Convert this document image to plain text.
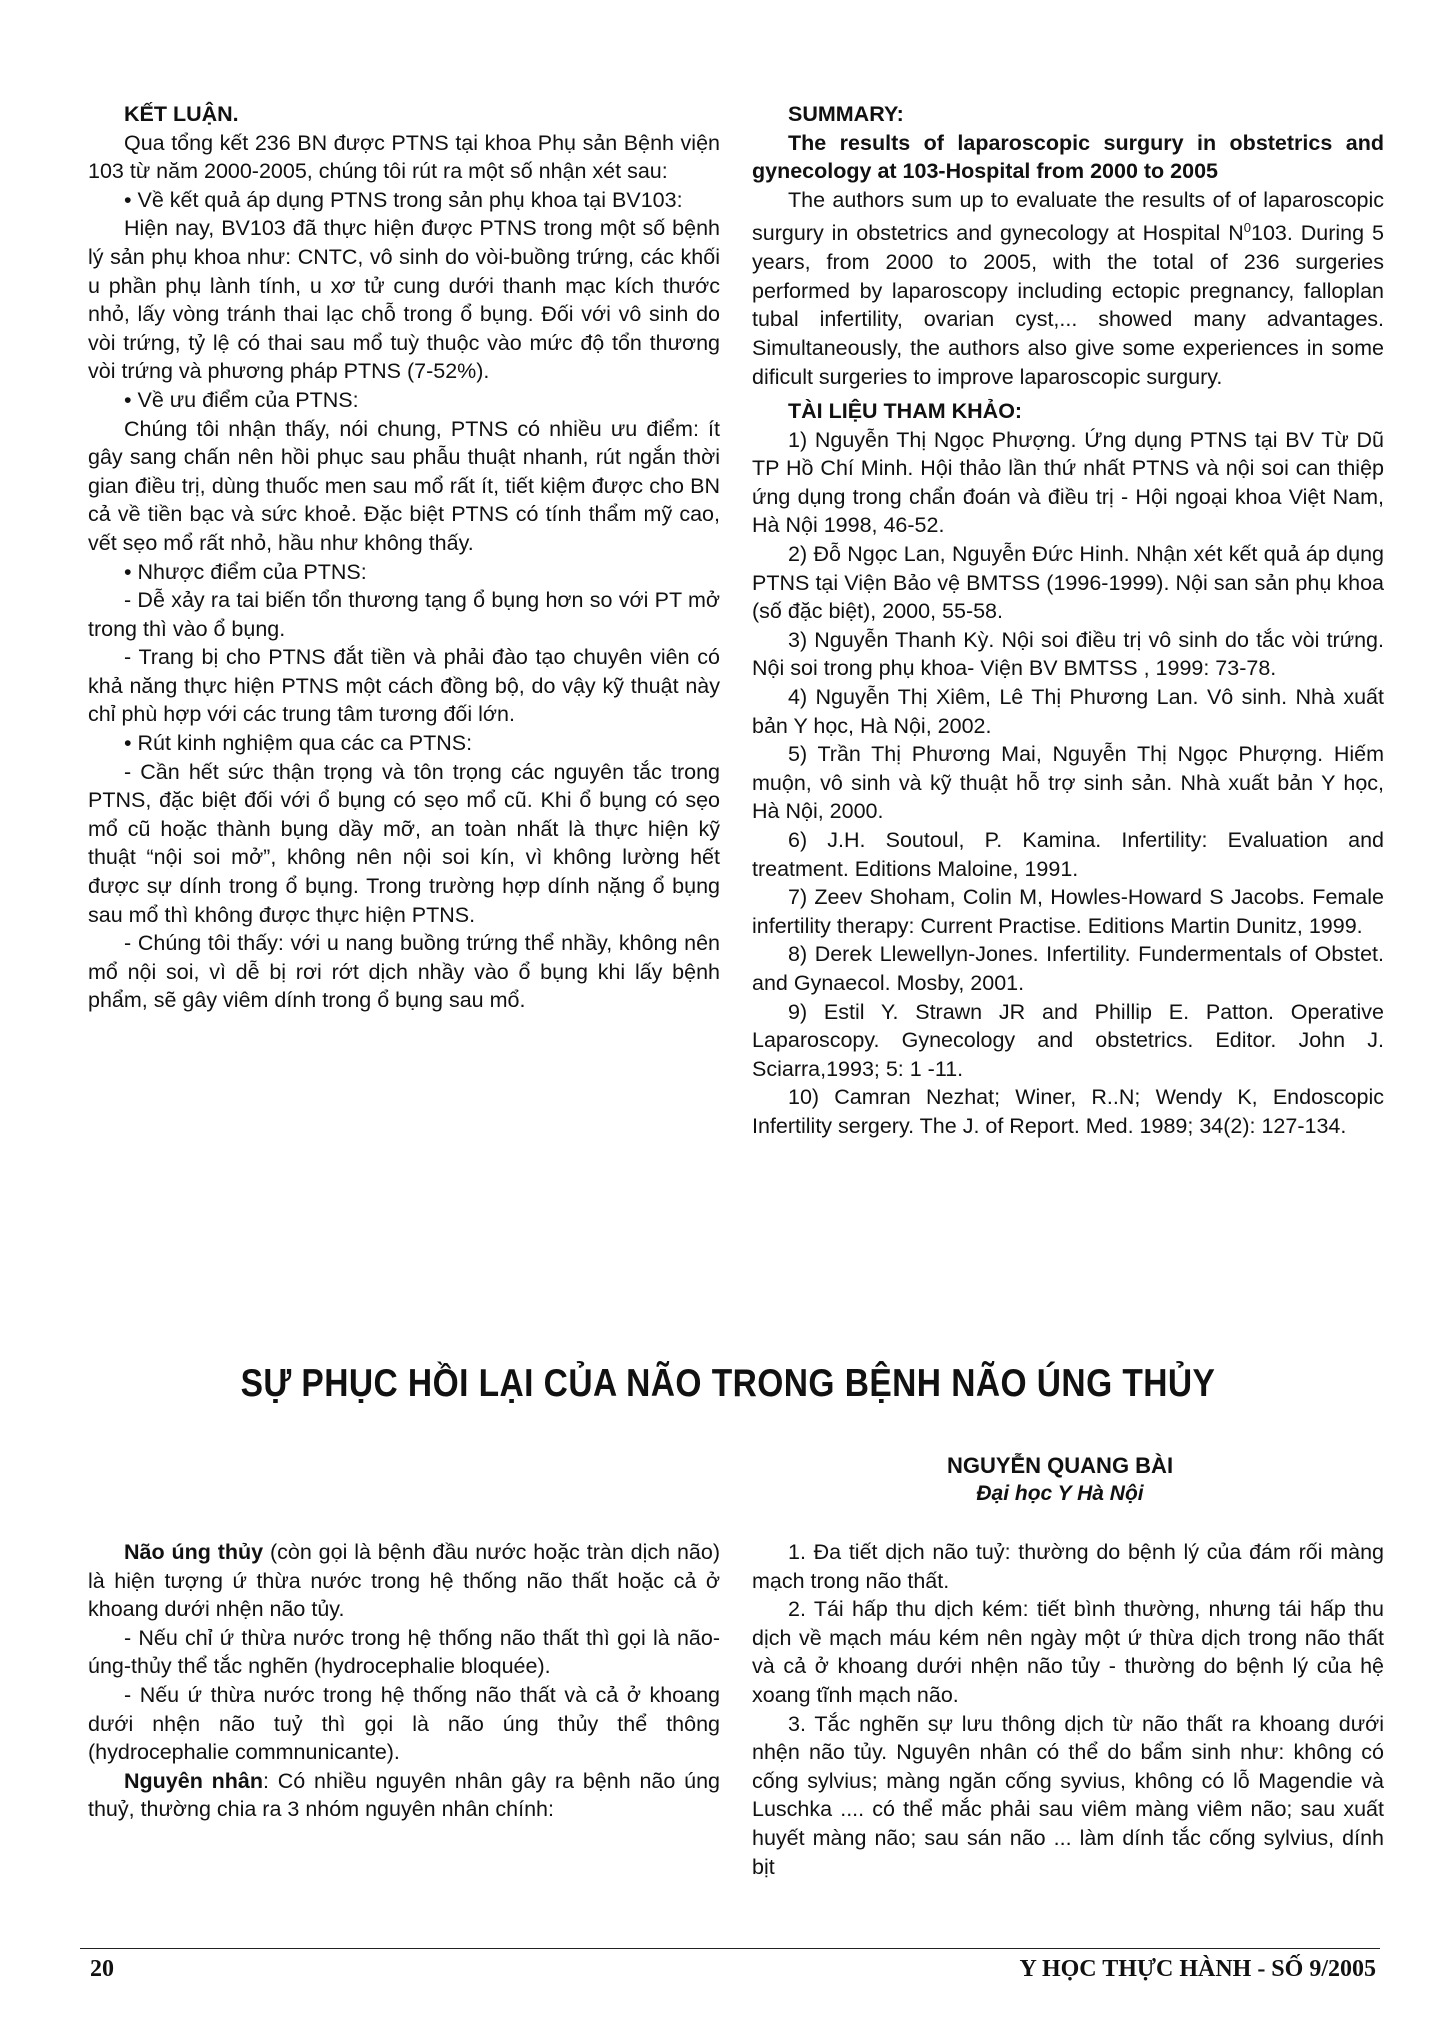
KẾT LUẬN.

Qua tổng kết 236 BN được PTNS tại khoa Phụ sản Bệnh viện 103 từ năm 2000-2005, chúng tôi rút ra một số nhận xét sau:

• Về kết quả áp dụng PTNS trong sản phụ khoa tại BV103:

Hiện nay, BV103 đã thực hiện được PTNS trong một số bệnh lý sản phụ khoa như: CNTC, vô sinh do vòi-buồng trứng, các khối u phần phụ lành tính, u xơ tử cung dưới thanh mạc kích thước nhỏ, lấy vòng tránh thai lạc chỗ trong ổ bụng. Đối với vô sinh do vòi trứng, tỷ lệ có thai sau mổ tuỳ thuộc vào mức độ tổn thương vòi trứng và phương pháp PTNS (7-52%).

• Về ưu điểm của PTNS:

Chúng tôi nhận thấy, nói chung, PTNS có nhiều ưu điểm: ít gây sang chấn nên hồi phục sau phẫu thuật nhanh, rút ngắn thời gian điều trị, dùng thuốc men sau mổ rất ít, tiết kiệm được cho BN cả về tiền bạc và sức khoẻ. Đặc biệt PTNS có tính thẩm mỹ cao, vết sẹo mổ rất nhỏ, hầu như không thấy.

• Nhược điểm của PTNS:

- Dễ xảy ra tai biến tổn thương tạng ổ bụng hơn so với PT mở trong thì vào ổ bụng.

- Trang bị cho PTNS đắt tiền và phải đào tạo chuyên viên có khả năng thực hiện PTNS một cách đồng bộ, do vậy kỹ thuật này chỉ phù hợp với các trung tâm tương đối lớn.

• Rút kinh nghiệm qua các ca PTNS:

- Cần hết sức thận trọng và tôn trọng các nguyên tắc trong PTNS, đặc biệt đối với ổ bụng có sẹo mổ cũ. Khi ổ bụng có sẹo mổ cũ hoặc thành bụng dầy mỡ, an toàn nhất là thực hiện kỹ thuật “nội soi mở”, không nên nội soi kín, vì không lường hết được sự dính trong ổ bụng. Trong trường hợp dính nặng ổ bụng sau mổ thì không được thực hiện PTNS.

- Chúng tôi thấy: với u nang buồng trứng thể nhầy, không nên mổ nội soi, vì dễ bị rơi rớt dịch nhầy vào ổ bụng khi lấy bệnh phẩm, sẽ gây viêm dính trong ổ bụng sau mổ.

SUMMARY:

The results of laparoscopic surgury in obstetrics and gynecology at 103-Hospital from 2000 to 2005

The authors sum up to evaluate the results of of laparoscopic surgury in obstetrics and gynecology at Hospital $N^0103$. During 5 years, from 2000 to 2005, with the total of 236 surgeries performed by laparoscopy including ectopic pregnancy, falloplan tubal infertility, ovarian cyst,... showed many advantages. Simultaneously, the authors also give some experiences in some dificult surgeries to improve laparoscopic surgury.

TÀI LIỆU THAM KHẢO:

1) Nguyễn Thị Ngọc Phượng. Ứng dụng PTNS tại BV Từ Dũ TP Hồ Chí Minh. Hội thảo lần thứ nhất PTNS và nội soi can thiệp ứng dụng trong chẩn đoán và điều trị - Hội ngoại khoa Việt Nam, Hà Nội 1998, 46-52.

2) Đỗ Ngọc Lan, Nguyễn Đức Hinh. Nhận xét kết quả áp dụng PTNS tại Viện Bảo vệ BMTSS (1996-1999). Nội san sản phụ khoa (số đặc biệt), 2000, 55-58.

3) Nguyễn Thanh Kỳ. Nội soi điều trị vô sinh do tắc vòi trứng. Nội soi trong phụ khoa- Viện BV BMTSS , 1999: 73-78.

4) Nguyễn Thị Xiêm, Lê Thị Phương Lan. Vô sinh. Nhà xuất bản Y học, Hà Nội, 2002.

5) Trần Thị Phương Mai, Nguyễn Thị Ngọc Phượng. Hiếm muộn, vô sinh và kỹ thuật hỗ trợ sinh sản. Nhà xuất bản Y học, Hà Nội, 2000.

6) J.H. Soutoul, P. Kamina. Infertility: Evaluation and treatment. Editions Maloine, 1991.

7) Zeev Shoham, Colin M, Howles-Howard S Jacobs. Female infertility therapy: Current Practise. Editions Martin Dunitz, 1999.

8) Derek Llewellyn-Jones. Infertility. Fundermentals of Obstet. and Gynaecol. Mosby, 2001.

9) Estil Y. Strawn JR and Phillip E. Patton. Operative Laparoscopy. Gynecology and obstetrics. Editor. John J. Sciarra,1993; 5: 1 -11.

10) Camran Nezhat; Winer, R..N; Wendy K, Endoscopic Infertility sergery. The J. of Report. Med. 1989; 34(2): 127-134.

SỰ PHỤC HỒI LẠI CỦA NÃO TRONG BỆNH NÃO ÚNG THỦY
NGUYỄN QUANG BÀI
Đại học Y Hà Nội

Não úng thủy (còn gọi là bệnh đầu nước hoặc tràn dịch não) là hiện tượng ứ thừa nước trong hệ thống não thất hoặc cả ở khoang dưới nhện não tủy.

- Nếu chỉ ứ thừa nước trong hệ thống não thất thì gọi là não-úng-thủy thể tắc nghẽn (hydrocephalie bloquée).

- Nếu ứ thừa nước trong hệ thống não thất và cả ở khoang dưới nhện não tuỷ thì gọi là não úng thủy thể thông (hydrocephalie commnunicante).

Nguyên nhân: Có nhiều nguyên nhân gây ra bệnh não úng thuỷ, thường chia ra 3 nhóm nguyên nhân chính:

1. Đa tiết dịch não tuỷ: thường do bệnh lý của đám rối màng mạch trong não thất.

2. Tái hấp thu dịch kém: tiết bình thường, nhưng tái hấp thu dịch về mạch máu kém nên ngày một ứ thừa dịch trong não thất và cả ở khoang dưới nhện não tủy - thường do bệnh lý của hệ xoang tĩnh mạch não.

3. Tắc nghẽn sự lưu thông dịch từ não thất ra khoang dưới nhện não tủy. Nguyên nhân có thể do bẩm sinh như: không có cống sylvius; màng ngăn cống syvius, không có lỗ Magendie và Luschka .... có thể mắc phải sau viêm màng viêm não; sau xuất huyết màng não; sau sán não ... làm dính tắc cống sylvius, dính bịt

20	Y HỌC THỰC HÀNH - SỐ 9/2005
